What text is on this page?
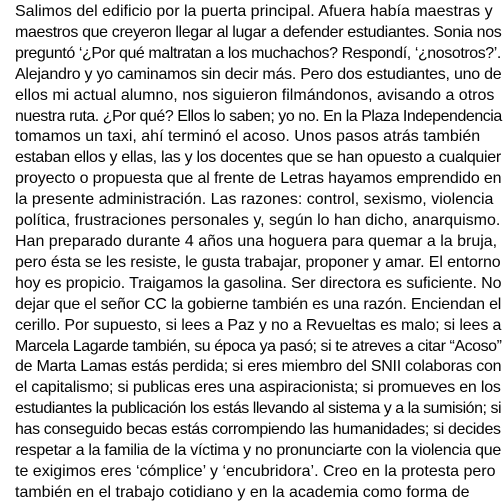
Salimos del edificio por la puerta principal. Afuera había maestras y
maestros que creyeron llegar al lugar a defender estudiantes. Sonia nos
preguntó ‘¿Por qué maltratan a los muchachos? Respondí, ‘¿nosotros?’.
Alejandro y yo caminamos sin decir más. Pero dos estudiantes, uno de
ellos mi actual alumno, nos siguieron filmándonos, avisando a otros
nuestra ruta. ¿Por qué? Ellos lo saben; yo no. En la Plaza Independencia
tomamos un taxi, ahí terminó el acoso. Unos pasos atrás también
estaban ellos y ellas, las y los docentes que se han opuesto a cualquier
proyecto o propuesta que al frente de Letras hayamos emprendido en
la presente administración. Las razones: control, sexismo, violencia
política, frustraciones personales y, según lo han dicho, anarquismo.
Han preparado durante 4 años una hoguera para quemar a la bruja,
pero ésta se les resiste, le gusta trabajar, proponer y amar. El entorno
hoy es propicio. Traigamos la gasolina. Ser directora es suficiente. No
dejar que el señor CC la gobierne también es una razón. Enciendan el
cerillo. Por supuesto, si lees a Paz y no a Revueltas es malo; si lees a
Marcela Lagarde también, su época ya pasó; si te atreves a citar “Acoso”
de Marta Lamas estás perdida; si eres miembro del SNII colaboras con
el capitalismo; si publicas eres una aspiracionista; si promueves en los
estudiantes la publicación los estás llevando al sistema y a la sumisión; si
has conseguido becas estás corrompiendo las humanidades; si decides
respetar a la familia de la víctima y no pronunciarte con la violencia que
te exigimos eres ‘cómplice’ y ‘encubridora’. Creo en la protesta pero
también en el trabajo cotidiano y en la academia como forma de
